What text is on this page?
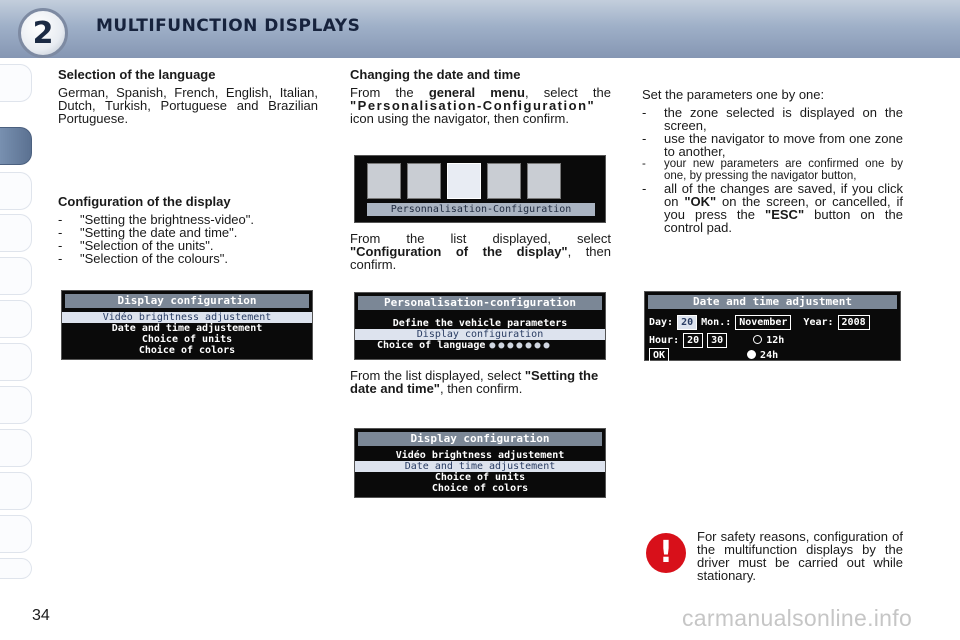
2	MULTIFUNCTION DISPLAYS
Selection of the language

German, Spanish, French, English, Italian, Dutch, Turkish, Portuguese and Brazilian Portuguese.

Configuration of the display
- "Setting the brightness-video".
- "Setting the date and time".
- "Selection of the units".
- "Selection of the colours".
Display configuration
Vidéo brightness adjustement
Date and time adjustement
Choice of units
Choice of colors
Changing the date and time

From the general menu, select the "Personalisation-Configuration" icon using the navigator, then confirm.

Personnalisation-Configuration

From the list displayed, select "Configuration of the display", then confirm.

Personalisation-configuration
Define the vehicle parameters
Display configuration
Choice of language ●●●●●●●

From the list displayed, select "Setting the date and time", then confirm.

Display configuration
Vidéo brightness adjustement
Date and time adjustement
Choice of units
Choice of colors

Set the parameters one by one:

- the zone selected is displayed on the screen,

- use the navigator to move from one zone to another,

- your new parameters are confirmed one by one, by pressing the navigator button,

- all of the changes are saved, if you click on "OK" on the screen, or cancelled, if you press the "ESC" button on the control pad.

Date and time adjustment
Day: 20 Mon.: November	Year: 2008
Hour: 20	30	12h
OK	24h
!	For safety reasons, configuration of the multifunction displays by the driver must be carried out while stationary.

34	carmanualsonline.info
